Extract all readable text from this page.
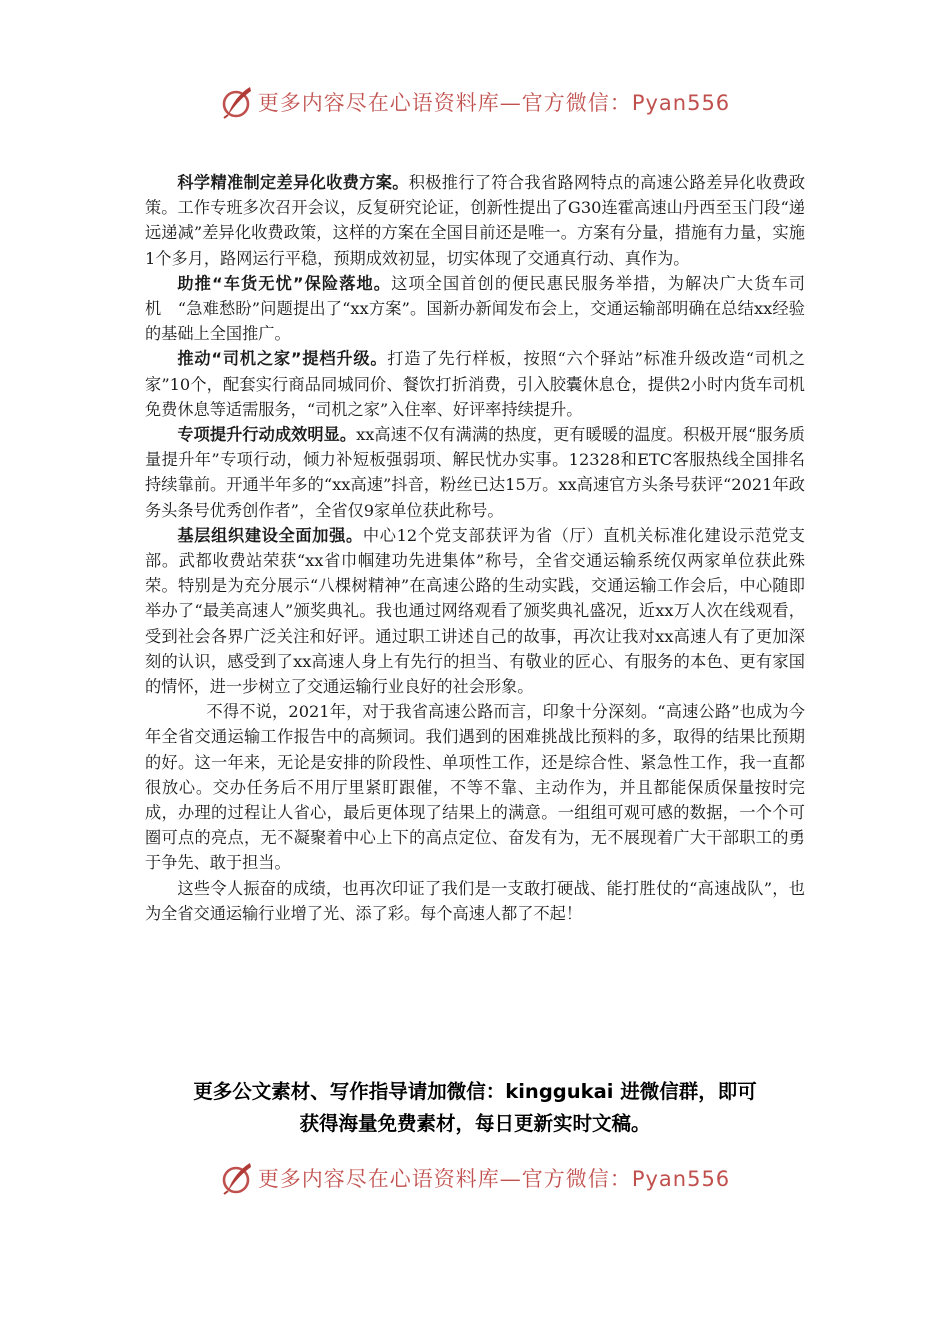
更多内容尽在心语资料库—官方微信：Pyan556

科学精准制定差异化收费方案。积极推行了符合我省路网特点的高速公路差异化收费政策。工作专班多次召开会议，反复研究论证，创新性提出了G30连霍高速山丹西至玉门段“递远递减”差异化收费政策，这样的方案在全国目前还是唯一。方案有分量，措施有力量，实施1个多月，路网运行平稳，预期成效初显，切实体现了交通真行动、真作为。

助推“车货无忧”保险落地。这项全国首创的便民惠民服务举措，为解决广大货车司机　“急难愁盼”问题提出了“xx方案”。国新办新闻发布会上，交通运输部明确在总结xx经验的基础上全国推广。

推动“司机之家”提档升级。打造了先行样板，按照“六个驿站”标准升级改造“司机之家”10个，配套实行商品同城同价、餐饮打折消费，引入胶囊休息仓，提供2小时内货车司机免费休息等适需服务，“司机之家”入住率、好评率持续提升。

专项提升行动成效明显。xx高速不仅有满满的热度，更有暖暖的温度。积极开展“服务质量提升年”专项行动，倾力补短板强弱项、解民忧办实事。12328和ETC客服热线全国排名持续靠前。开通半年多的“xx高速”抖音，粉丝已达15万。xx高速官方头条号获评“2021年政务头条号优秀创作者”，全省仅9家单位获此称号。

基层组织建设全面加强。中心12个党支部获评为省（厅）直机关标准化建设示范党支部。武都收费站荣获“xx省巾帼建功先进集体”称号，全省交通运输系统仅两家单位获此殊荣。特别是为充分展示“八棵树精神”在高速公路的生动实践，交通运输工作会后，中心随即举办了“最美高速人”颁奖典礼。我也通过网络观看了颁奖典礼盛况，近xx万人次在线观看，受到社会各界广泛关注和好评。通过职工讲述自己的故事，再次让我对xx高速人有了更加深刻的认识，感受到了xx高速人身上有先行的担当、有敬业的匠心、有服务的本色、更有家国的情怀，进一步树立了交通运输行业良好的社会形象。

不得不说，2021年，对于我省高速公路而言，印象十分深刻。“高速公路”也成为今年全省交通运输工作报告中的高频词。我们遇到的困难挑战比预料的多，取得的结果比预期的好。这一年来，无论是安排的阶段性、单项性工作，还是综合性、紧急性工作，我一直都很放心。交办任务后不用厅里紧盯跟催，不等不靠、主动作为，并且都能保质保量按时完成，办理的过程让人省心，最后更体现了结果上的满意。一组组可观可感的数据，一个个可圈可点的亮点，无不凝聚着中心上下的高点定位、奋发有为，无不展现着广大干部职工的勇于争先、敢于担当。

这些令人振奋的成绩，也再次印证了我们是一支敢打硬战、能打胜仗的“高速战队”，也为全省交通运输行业增了光、添了彩。每个高速人都了不起！

更多公文素材、写作指导请加微信：kinggukai 进微信群，即可
获得海量免费素材，每日更新实时文稿。
更多内容尽在心语资料库—官方微信：Pyan556
